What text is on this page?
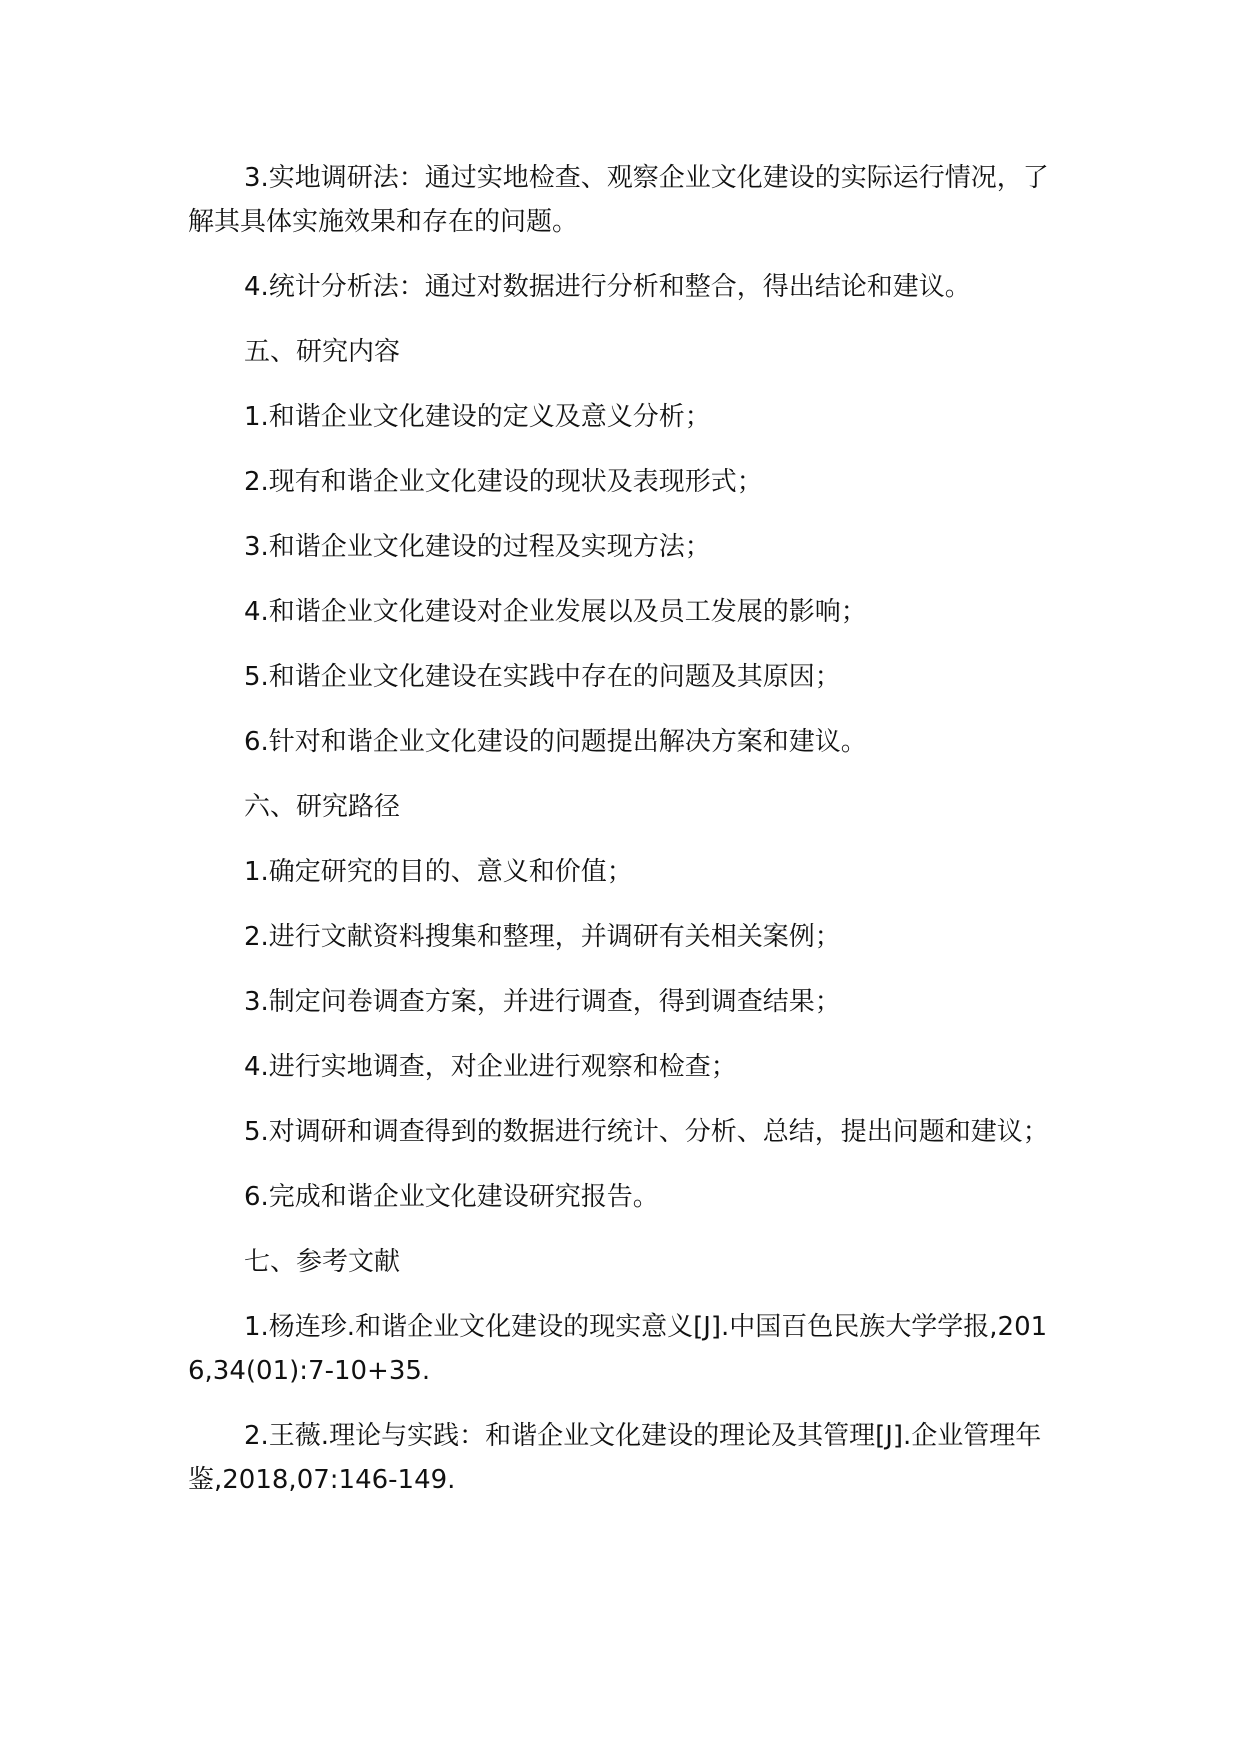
3.实地调研法：通过实地检查、观察企业文化建设的实际运行情况，了解其具体实施效果和存在的问题。

4.统计分析法：通过对数据进行分析和整合，得出结论和建议。

五、研究内容

1.和谐企业文化建设的定义及意义分析；

2.现有和谐企业文化建设的现状及表现形式；

3.和谐企业文化建设的过程及实现方法；

4.和谐企业文化建设对企业发展以及员工发展的影响；

5.和谐企业文化建设在实践中存在的问题及其原因；

6.针对和谐企业文化建设的问题提出解决方案和建议。

六、研究路径

1.确定研究的目的、意义和价值；

2.进行文献资料搜集和整理，并调研有关相关案例；

3.制定问卷调查方案，并进行调查，得到调查结果；

4.进行实地调查，对企业进行观察和检查；

5.对调研和调查得到的数据进行统计、分析、总结，提出问题和建议；

6.完成和谐企业文化建设研究报告。

七、参考文献

1.杨连珍.和谐企业文化建设的现实意义[J].中国百色民族大学学报,2016,34(01):7-10+35.

2.王薇.理论与实践：和谐企业文化建设的理论及其管理[J].企业管理年鉴,2018,07:146-149.
